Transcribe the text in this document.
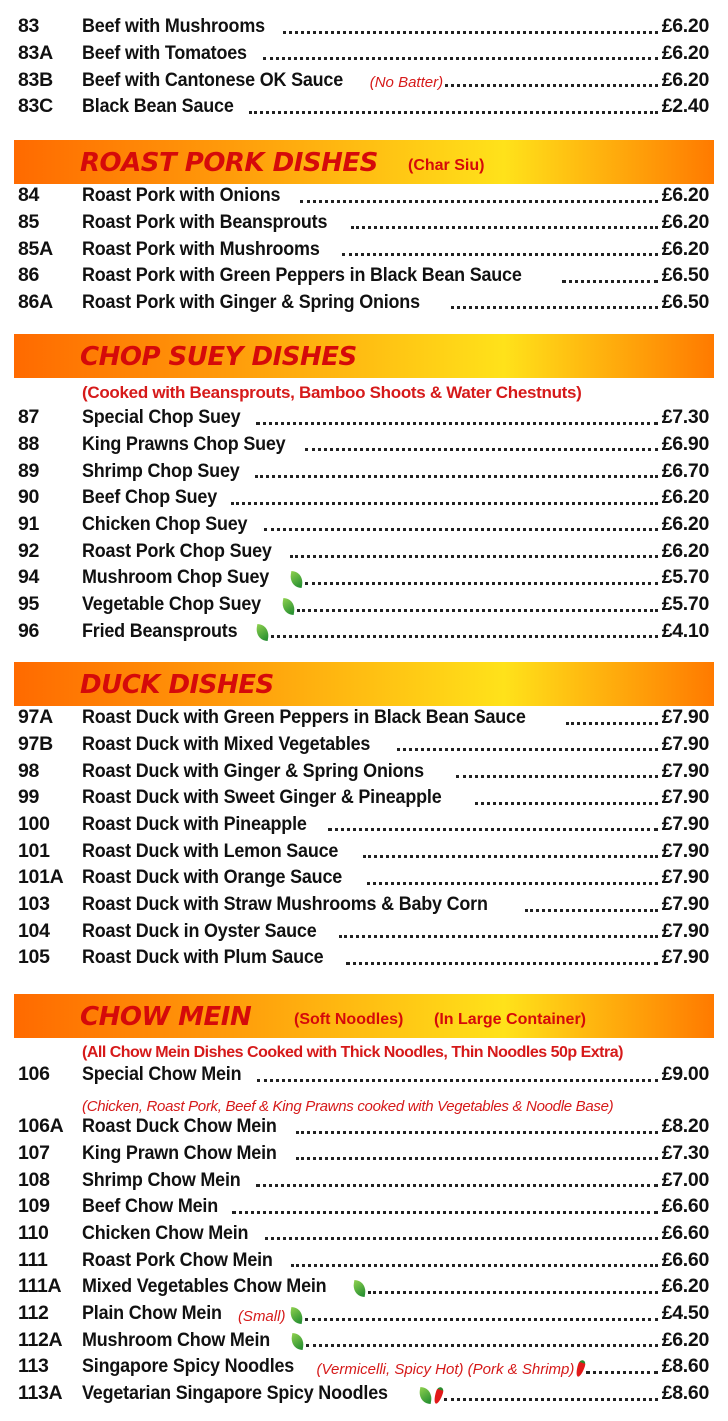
83 Beef with Mushrooms	£6.20
83A Beef with Tomatoes	£6.20
83B Beef with Cantonese OK Sauce (No Batter)	£6.20
83C Black Bean Sauce	£2.40
ROAST PORK DISHES (Char Siu)
84 Roast Pork with Onions	£6.20
85 Roast Pork with Beansprouts	£6.20
85A Roast Pork with Mushrooms	£6.20
86 Roast Pork with Green Peppers in Black Bean Sauce	£6.50
86A Roast Pork with Ginger & Spring Onions	£6.50
CHOP SUEY DISHES
(Cooked with Beansprouts, Bamboo Shoots & Water Chestnuts)
87 Special Chop Suey	£7.30
88 King Prawns Chop Suey	£6.90
89 Shrimp Chop Suey	£6.70
90 Beef Chop Suey	£6.20
91 Chicken Chop Suey	£6.20
92 Roast Pork Chop Suey	£6.20
94 Mushroom Chop Suey	£5.70
95 Vegetable Chop Suey	£5.70
96 Fried Beansprouts	£4.10
DUCK DISHES
97A Roast Duck with Green Peppers in Black Bean Sauce	£7.90
97B Roast Duck with Mixed Vegetables	£7.90
98 Roast Duck with Ginger & Spring Onions	£7.90
99 Roast Duck with Sweet Ginger & Pineapple	£7.90
100 Roast Duck with Pineapple	£7.90
101 Roast Duck with Lemon Sauce	£7.90
101A Roast Duck with Orange Sauce	£7.90
103 Roast Duck with Straw Mushrooms & Baby Corn	£7.90
104 Roast Duck in Oyster Sauce	£7.90
105 Roast Duck with Plum Sauce	£7.90
CHOW MEIN	(Soft Noodles) (In Large Container)
(All Chow Mein Dishes Cooked with Thick Noodles, Thin Noodles 50p Extra)
106 Special Chow Mein	£9.00
(Chicken, Roast Pork, Beef & King Prawns cooked with Vegetables & Noodle Base)
106A Roast Duck Chow Mein	£8.20
107 King Prawn Chow Mein	£7.30
108 Shrimp Chow Mein	£7.00
109 Beef Chow Mein	£6.60
110 Chicken Chow Mein	£6.60
111 Roast Pork Chow Mein	£6.60
111A Mixed Vegetables Chow Mein	£6.20
112 Plain Chow Mein (Small)	£4.50
112A Mushroom Chow Mein	£6.20
113 Singapore Spicy Noodles (Vermicelli, Spicy Hot) (Pork & Shrimp)	£8.60
113A Vegetarian Singapore Spicy Noodles	£8.60
